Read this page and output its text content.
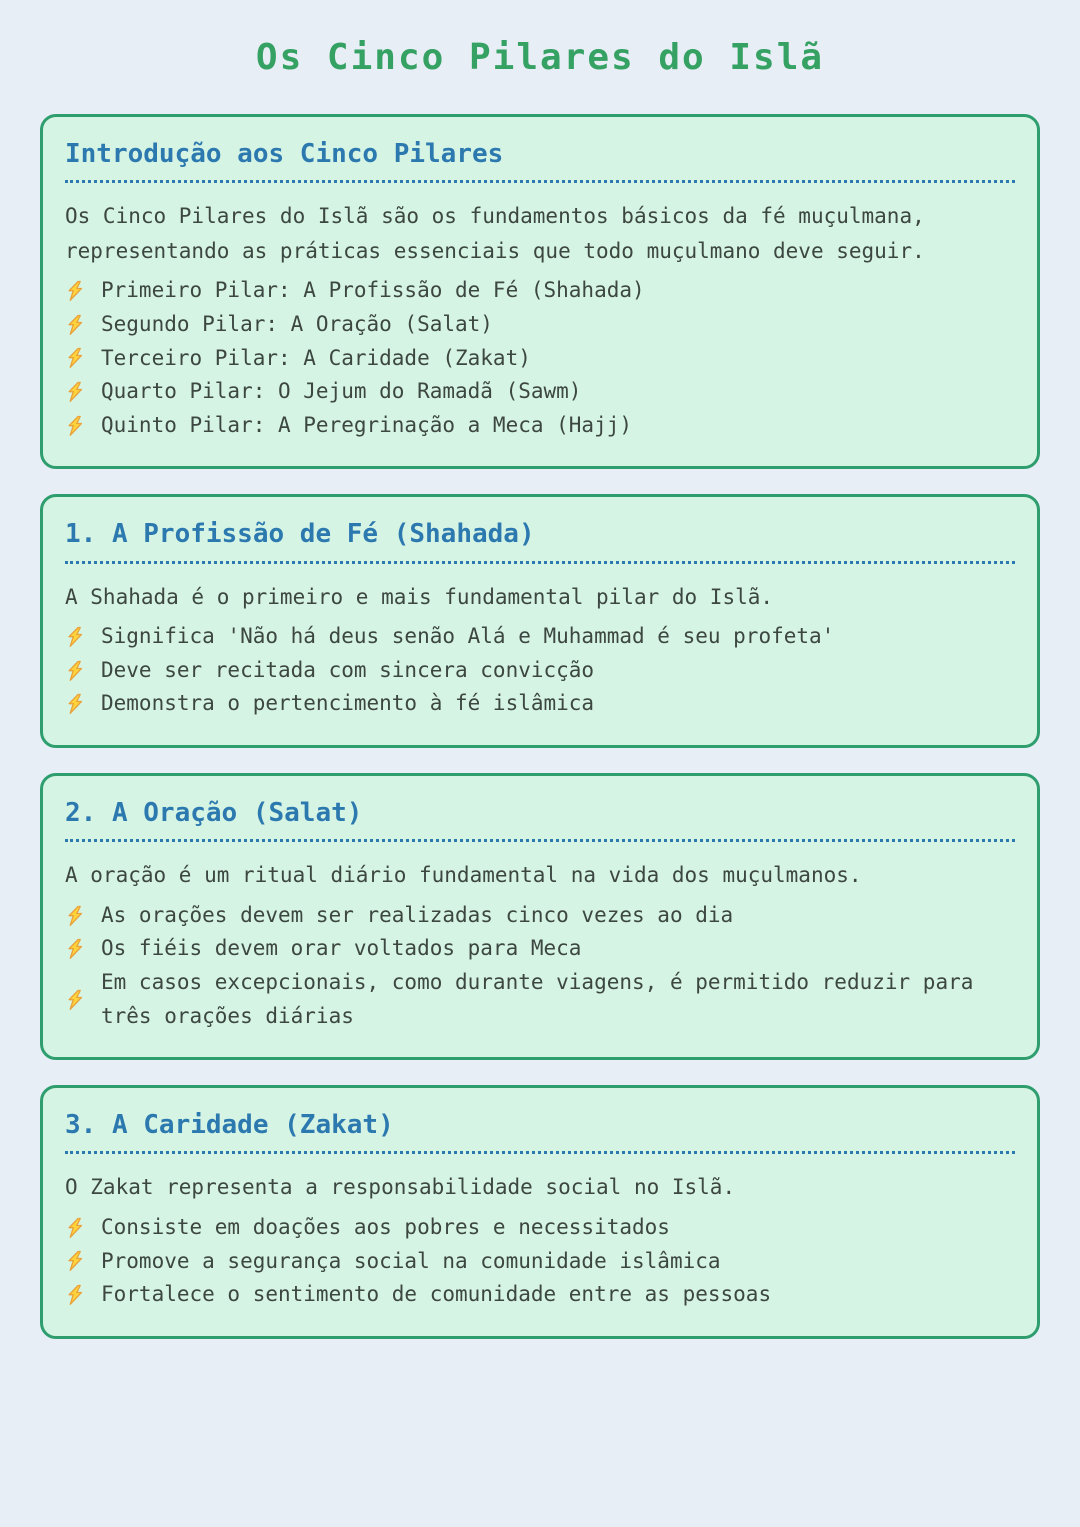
Os Cinco Pilares do Islã
Introdução aos Cinco Pilares

Os Cinco Pilares do Islã são os fundamentos básicos da fé muçulmana, representando as práticas essenciais que todo muçulmano deve seguir.

Primeiro Pilar: A Profissão de Fé (Shahada)
Segundo Pilar: A Oração (Salat)
Terceiro Pilar: A Caridade (Zakat)
Quarto Pilar: O Jejum do Ramadã (Sawm)
Quinto Pilar: A Peregrinação a Meca (Hajj)
1. A Profissão de Fé (Shahada)

A Shahada é o primeiro e mais fundamental pilar do Islã.

Significa 'Não há deus senão Alá e Muhammad é seu profeta'
Deve ser recitada com sincera convicção
Demonstra o pertencimento à fé islâmica
2. A Oração (Salat)

A oração é um ritual diário fundamental na vida dos muçulmanos.

As orações devem ser realizadas cinco vezes ao dia
Os fiéis devem orar voltados para Meca
Em casos excepcionais, como durante viagens, é permitido reduzir para três orações diárias
3. A Caridade (Zakat)

O Zakat representa a responsabilidade social no Islã.

Consiste em doações aos pobres e necessitados
Promove a segurança social na comunidade islâmica
Fortalece o sentimento de comunidade entre as pessoas
